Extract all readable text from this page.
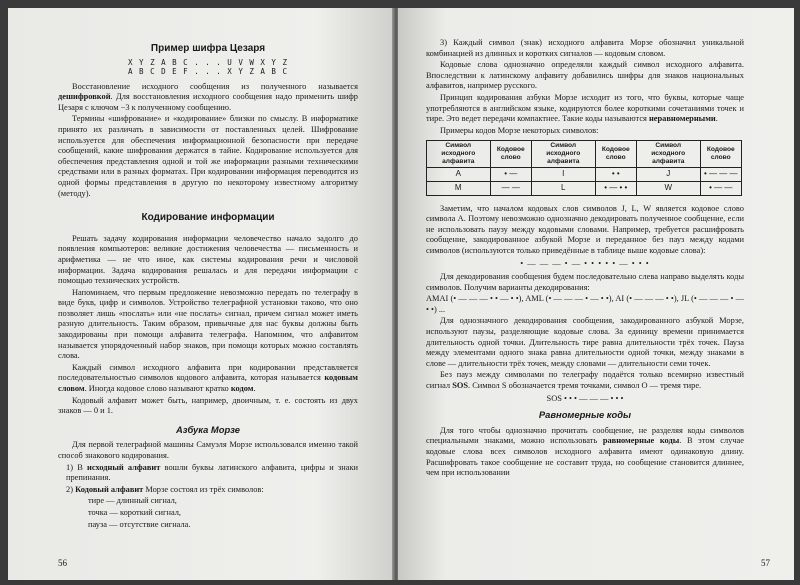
Пример шифра Цезаря
X Y Z A B C . . . U V W X Y Z
A B C D E F . . . X Y Z A B C

Восстановление исходного сообщения из полученного называется дешифровкой. Для восстановления исходного сообщения надо применить шифр Цезаря с ключом −3 к полученному сообщению.

Термины «шифрование» и «кодирование» близки по смыслу. В информатике принято их различать в зависимости от поставленных целей. Шифрование используется для обеспечения информационной безопасности при передаче сообщений, какие шифрования держатся в тайне. Кодирование используется для обеспечения представления одной и той же информации разными техническими средствами или в разных форматах. При кодировании информация переводится из одной формы представления в другую по некоторому известному алгоритму (методу).

Кодирование информации

Решать задачу кодирования информации человечество начало задолго до появления компьютеров: великие достижения человечества — письменность и арифметика — не что иное, как системы кодирования речи и числовой информации. Задача кодирования решалась и для передачи информации с помощью технических устройств.

Напоминаем, что первым предложение невозможно передать по телеграфу в виде букв, цифр и символов. Устройство телеграфной установки таково, что оно позволяет лишь «послать» или «не послать» сигнал, причем сигнал может иметь разную длительность. Таким образом, привычные для нас буквы должны быть закодированы при помощи алфавита телеграфа. Напомним, что алфавитом называется упорядоченный набор знаков, при помощи которых можно составлять слова.

Каждый символ исходного алфавита при кодировании представляется последовательностью символов кодового алфавита, которая называется кодовым словом. Иногда кодовое слово называют кратко кодом.

Кодовый алфавит может быть, например, двоичным, т. е. состоять из двух знаков — 0 и 1.

Азбука Морзе

Для первой телеграфной машины Самуэля Морзе использовался именно такой способ знакового кодирования.

1) В исходный алфавит вошли буквы латинского алфавита, цифры и знаки препинания.

2) Кодовый алфавит Морзе состоял из трёх символов:

тире — длинный сигнал,

точка — короткий сигнал,

пауза — отсутствие сигнала.

56

3) Каждый символ (знак) исходного алфавита Морзе обозначил уникальной комбинацией из длинных и коротких сигналов — кодовым словом.

Кодовые слова однозначно определяли каждый символ исходного алфавита. Впоследствии к латинскому алфавиту добавились шифры для знаков национальных алфавитов, например русского.

Принцип кодирования азбуки Морзе исходит из того, что буквы, которые чаще употребляются в английском языке, кодируются более короткими сочетаниями точек и тире. Это ведет передачи компактнее. Такие коды называются неравномерными.

Примеры кодов Морзе некоторых символов:

Символ исходного алфавита	Кодовое слово	Символ исходного алфавита	Кодовое слово	Символ исходного алфавита	Кодовое слово
A	• —	I	• •	J	• — — —
M	— —	L	• — • •	W	• — —

Заметим, что началом кодовых слов символов J, L, W является кодовое слово символа A. Поэтому невозможно однозначно декодировать полученное сообщение, если не использовать паузу между кодовыми словами. Например, требуется расшифровать сообщение, закодированное азбукой Морзе и переданное без пауз между кодами символов (используются только приведённые в таблице выше кодовые слова):

• — — — • — • • • • • — • • •

Для декодирования сообщения будем последовательно слева направо выделять коды символов. Получим варианты декодирования:

AMAI (• — — — • • — • •), AML (• — — — • — • •), AI (• — — — • •), JL (• — — — • — • •) ...

Для однозначного декодирования сообщения, закодированного азбукой Морзе, используют паузы, разделяющие кодовые слова. За единицу времени принимается длительность одной точки. Длительность тире равна длительности трёх точек. Пауза между элементами одного знака равна длительности одной точки, между знаками в слове — длительности трёх точек, между словами — длительности семи точек.

Без пауз между символами по телеграфу подаётся только всемирно известный сигнал SOS. Символ S обозначается тремя точками, символ O — тремя тире.

SOS • • • — — — • • •
Равномерные коды

Для того чтобы однозначно прочитать сообщение, не разделяя коды символов специальными знаками, можно использовать равномерные коды. В этом случае кодовые слова всех символов исходного алфавита имеют одинаковую длину. Расшифровать такое сообщение не составит труда, но сообщение становится длиннее, чем при использовании

57
